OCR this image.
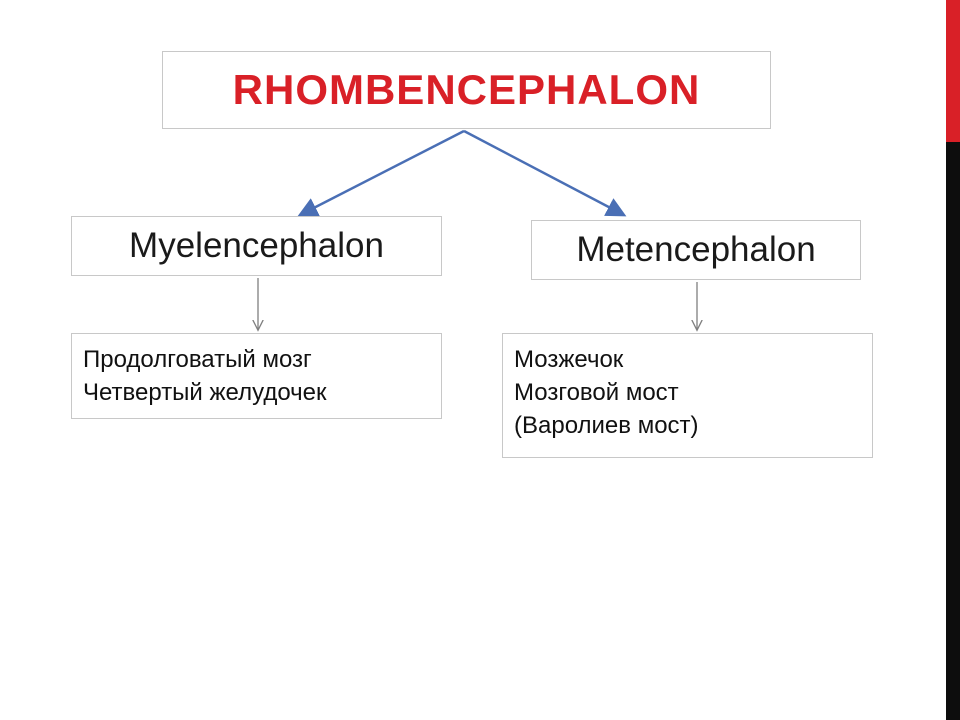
RHOMBENCEPHALON
Myelencephalon	Metencephalon
Продолговатый мозг
Четвертый желудочек
Мозжечок
Мозговой мост
(Варолиев мост)
